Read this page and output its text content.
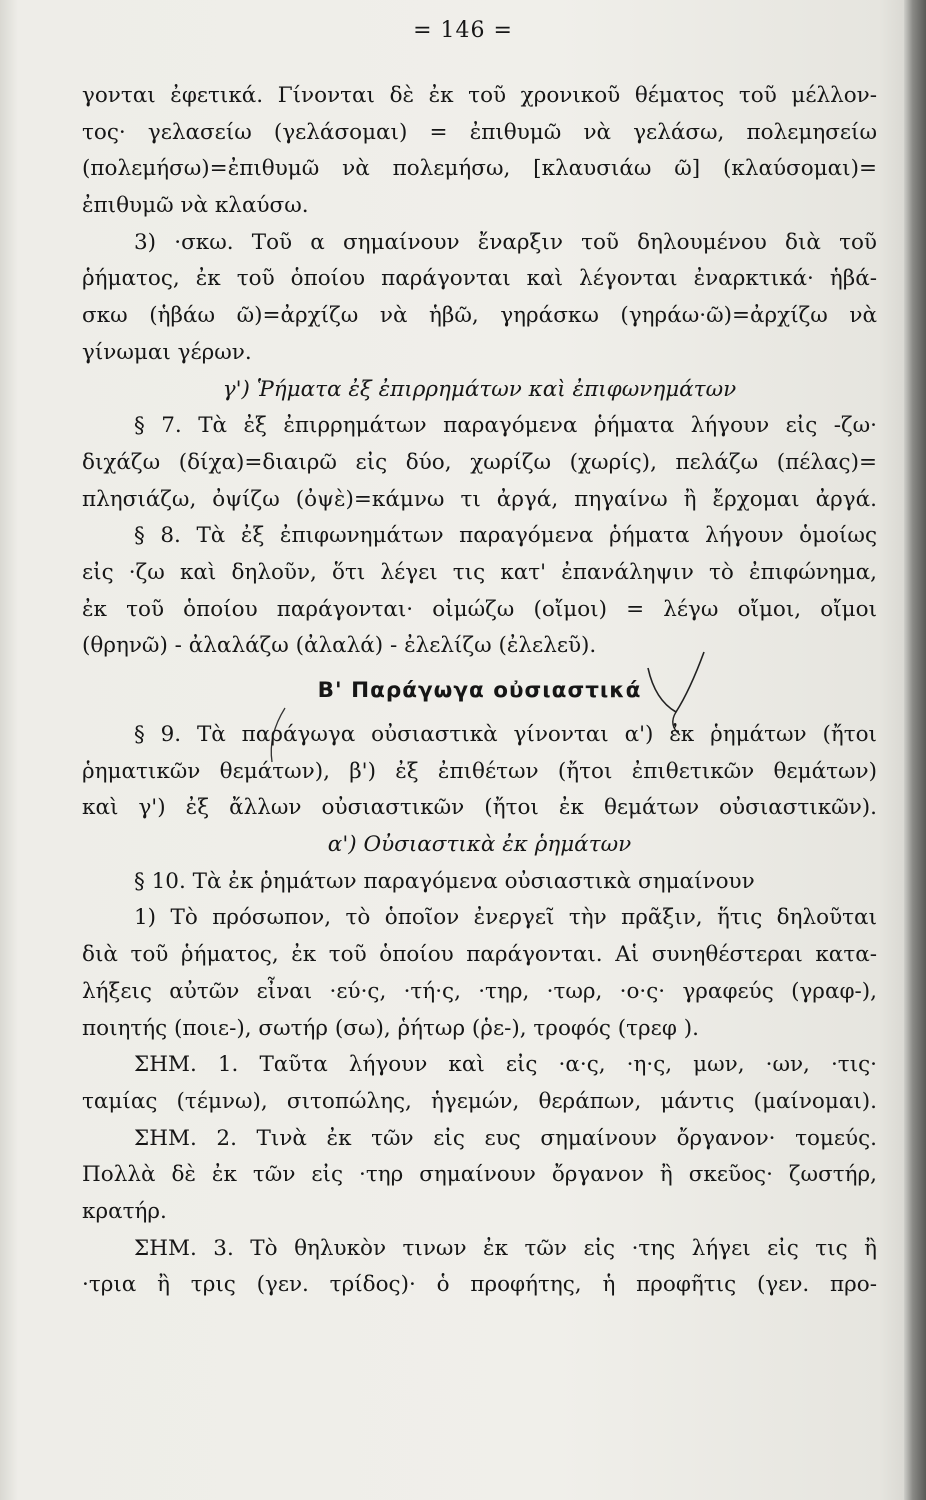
= 146 =
γονται ἐφετικά. Γίνονται δὲ ἐκ τοῦ χρονικοῦ θέματος τοῦ μέλλον-
τος· γελασείω (γελάσομαι) = ἐπιθυμῶ νὰ γελάσω, πολεμησείω
(πολεμήσω)=ἐπιθυμῶ νὰ πολεμήσω, [κλαυσιάω ῶ] (κλαύσομαι)=
ἐπιθυμῶ νὰ κλαύσω.
3) ·σκω. Τοῦ α σημαίνουν ἔναρξιν τοῦ δηλουμένου διὰ τοῦ
ῥήματος, ἐκ τοῦ ὁποίου παράγονται καὶ λέγονται ἐναρκτικά· ἡβά-
σκω (ἡβάω ῶ)=ἀρχίζω νὰ ἡβῶ, γηράσκω (γηράω·ῶ)=ἀρχίζω νὰ
γίνωμαι γέρων.
γ') Ῥήματα ἐξ ἐπιρρημάτων καὶ ἐπιφωνημάτων
§ 7. Τὰ ἐξ ἐπιρρημάτων παραγόμενα ῥήματα λήγουν εἰς -ζω·
διχάζω (δίχα)=διαιρῶ εἰς δύο, χωρίζω (χωρίς), πελάζω (πέλας)=
πλησιάζω, ὀψίζω (ὀψὲ)=κάμνω τι ἀργά, πηγαίνω ἢ ἔρχομαι ἀργά.
§ 8. Τὰ ἐξ ἐπιφωνημάτων παραγόμενα ῥήματα λήγουν ὁμοίως
εἰς ·ζω καὶ δηλοῦν, ὅτι λέγει τις κατ' ἐπανάληψιν τὸ ἐπιφώνημα,
ἐκ τοῦ ὁποίου παράγονται· οἰμώζω (οἴμοι) = λέγω οἴμοι, οἴμοι
(θρηνῶ) - ἀλαλάζω (ἀλαλά) - ἐλελίζω (ἐλελεῦ).
Β' Παράγωγα οὐσιαστικά
§ 9. Τὰ παράγωγα οὐσιαστικὰ γίνονται α') ἐκ ῥημάτων (ἤτοι
ῥηματικῶν θεμάτων), β') ἐξ ἐπιθέτων (ἤτοι ἐπιθετικῶν θεμάτων)
καὶ γ') ἐξ ἄλλων οὐσιαστικῶν (ἤτοι ἐκ θεμάτων οὐσιαστικῶν).
α') Οὐσιαστικὰ ἐκ ῥημάτων
§ 10. Τὰ ἐκ ῥημάτων παραγόμενα οὐσιαστικὰ σημαίνουν
1) Τὸ πρόσωπον, τὸ ὁποῖον ἐνεργεῖ τὴν πρᾶξιν, ἥτις δηλοῦται
διὰ τοῦ ῥήματος, ἐκ τοῦ ὁποίου παράγονται. Αἱ συνηθέστεραι κατα-
λήξεις αὐτῶν εἶναι ·εύ·ς, ·τή·ς, ·τηρ, ·τωρ, ·ο·ς· γραφεύς (γραφ-),
ποιητής (ποιε-), σωτήρ (σω), ῥήτωρ (ῥε-), τροφός (τρεφ ).
ΣΗΜ. 1. Ταῦτα λήγουν καὶ εἰς ·α·ς, ·η·ς, μων, ·ων, ·τις·
ταμίας (τέμνω), σιτοπώλης, ἡγεμών, θεράπων, μάντις (μαίνομαι).
ΣΗΜ. 2. Τινὰ ἐκ τῶν εἰς ευς σημαίνουν ὄργανον· τομεύς.
Πολλὰ δὲ ἐκ τῶν εἰς ·τηρ σημαίνουν ὄργανον ἢ σκεῦος· ζωστήρ,
κρατήρ.
ΣΗΜ. 3. Τὸ θηλυκὸν τινων ἐκ τῶν εἰς ·της λήγει εἰς τις ἢ
·τρια ἢ τρις (γεν. τρίδος)· ὁ προφήτης, ἡ προφῆτις (γεν. προ-
